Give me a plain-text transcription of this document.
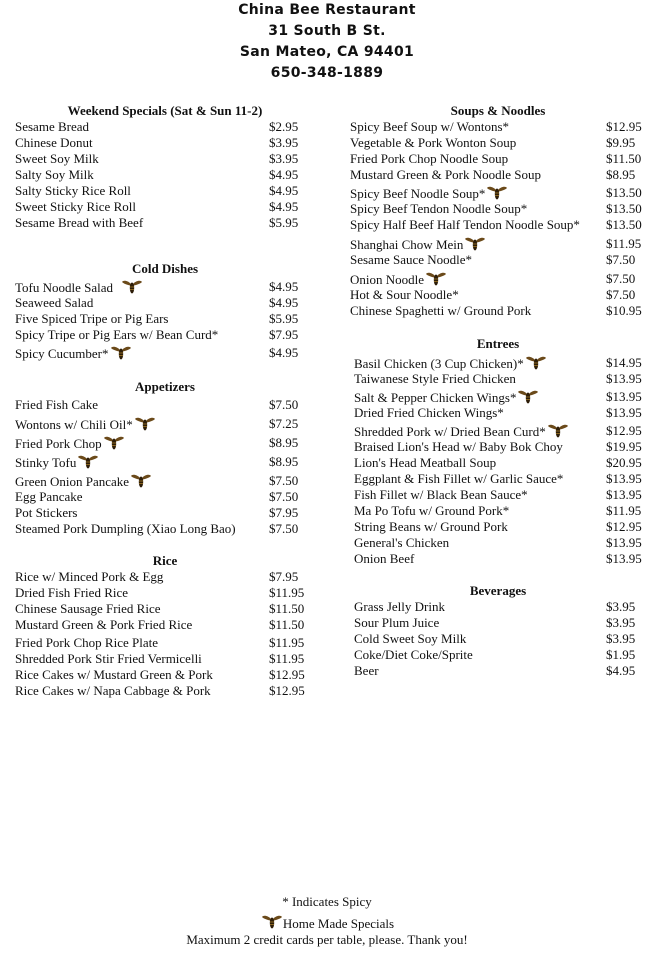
China Bee Restaurant
31 South B St.
San Mateo, CA 94401
650-348-1889
Weekend Specials (Sat & Sun 11-2)
Sesame Bread	$2.95
Chinese Donut	$3.95
Sweet Soy Milk	$3.95
Salty Soy Milk	$4.95
Salty Sticky Rice Roll	$4.95
Sweet Sticky Rice Roll	$4.95
Sesame Bread with Beef	$5.95
Cold Dishes
Tofu Noodle Salad	$4.95
Seaweed Salad	$4.95
Five Spiced Tripe or Pig Ears	$5.95
Spicy Tripe or Pig Ears w/ Bean Curd*	$7.95
Spicy Cucumber*	$4.95
Appetizers
Fried Fish Cake	$7.50
Wontons w/ Chili Oil*	$7.25
Fried Pork Chop	$8.95
Stinky Tofu	$8.95
Green Onion Pancake	$7.50
Egg Pancake	$7.50
Pot Stickers	$7.95
Steamed Pork Dumpling (Xiao Long Bao)	$7.50
Rice
Rice w/ Minced Pork & Egg	$7.95
Dried Fish Fried Rice	$11.95
Chinese Sausage Fried Rice	$11.50
Mustard Green & Pork Fried Rice	$11.50
Fried Pork Chop Rice Plate	$11.95
Shredded Pork Stir Fried Vermicelli	$11.95
Rice Cakes w/ Mustard Green & Pork	$12.95
Rice Cakes w/ Napa Cabbage & Pork	$12.95
Soups & Noodles
Spicy Beef Soup w/ Wontons*	$12.95
Vegetable & Pork Wonton Soup	$9.95
Fried Pork Chop Noodle Soup	$11.50
Mustard Green & Pork Noodle Soup	$8.95
Spicy Beef Noodle Soup*	$13.50
Spicy Beef Tendon Noodle Soup*	$13.50
Spicy Half Beef Half Tendon Noodle Soup* $13.50
Shanghai Chow Mein	$11.95
Sesame Sauce Noodle*	$7.50
Onion Noodle	$7.50
Hot & Sour Noodle*	$7.50
Chinese Spaghetti w/ Ground Pork	$10.95
Entrees
Basil Chicken (3 Cup Chicken)*	$14.95
Taiwanese Style Fried Chicken	$13.95
Salt & Pepper Chicken Wings*	$13.95
Dried Fried Chicken Wings*	$13.95
Shredded Pork w/ Dried Bean Curd*	$12.95
Braised Lion's Head w/ Baby Bok Choy	$19.95
Lion's Head Meatball Soup	$20.95
Eggplant & Fish Fillet w/ Garlic Sauce*	$13.95
Fish Fillet w/ Black Bean Sauce*	$13.95
Ma Po Tofu w/ Ground Pork*	$11.95
String Beans w/ Ground Pork	$12.95
General's Chicken	$13.95
Onion Beef	$13.95
Beverages
Grass Jelly Drink	$3.95
Sour Plum Juice	$3.95
Cold Sweet Soy Milk	$3.95
Coke/Diet Coke/Sprite	$1.95
Beer	$4.95
* Indicates Spicy
Home Made Specials
Maximum 2 credit cards per table, please. Thank you!
